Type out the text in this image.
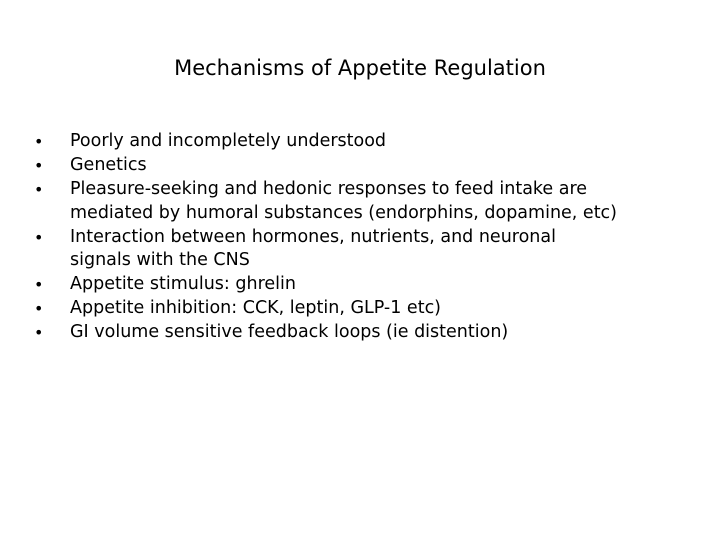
Mechanisms of Appetite Regulation
•	Poorly and incompletely understood
•	Genetics
•	Pleasure-seeking and hedonic responses to feed intake are
mediated by humoral substances (endorphins, dopamine, etc)
•	Interaction between hormones, nutrients, and neuronal
signals with the CNS
•	Appetite stimulus: ghrelin
•	Appetite inhibition: CCK, leptin, GLP-1 etc)
•	GI volume sensitive feedback loops (ie distention)
